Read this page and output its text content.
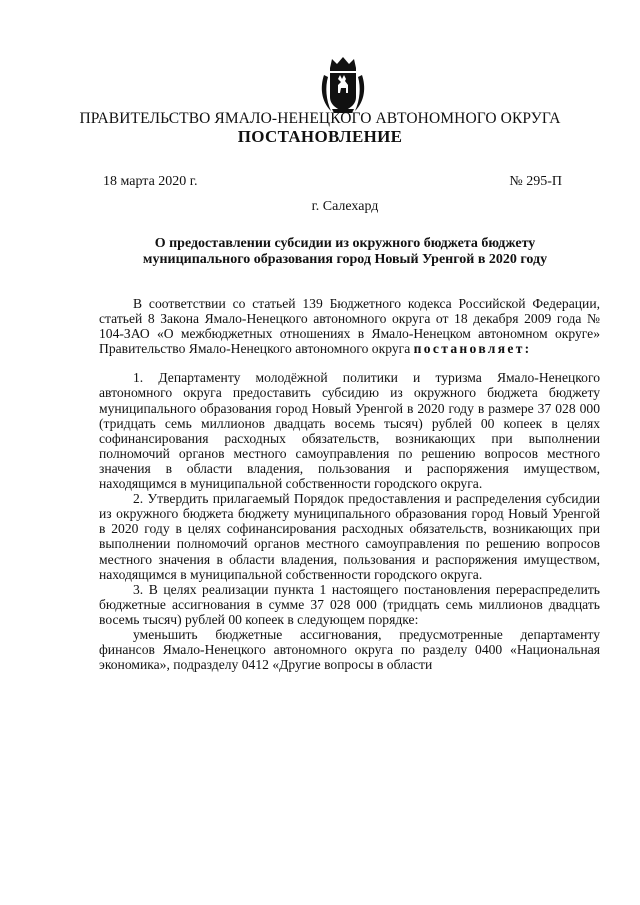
ПРАВИТЕЛЬСТВО ЯМАЛО-НЕНЕЦКОГО АВТОНОМНОГО ОКРУГА
ПОСТАНОВЛЕНИЕ
18 марта 2020 г.	№ 295-П
г. Салехард
О предоставлении субсидии из окружного бюджета бюджету муниципального образования город Новый Уренгой в 2020 году

В соответствии со статьей 139 Бюджетного кодекса Российской Федерации, статьей 8 Закона Ямало-Ненецкого автономного округа от 18 декабря 2009 года № 104-ЗАО «О межбюджетных отношениях в Ямало-Ненецком автономном округе» Правительство Ямало-Ненецкого автономного округа постановляет:

1. Департаменту молодёжной политики и туризма Ямало-Ненецкого автономного округа предоставить субсидию из окружного бюджета бюджету муниципального образования город Новый Уренгой в 2020 году в размере 37 028 000 (тридцать семь миллионов двадцать восемь тысяч) рублей 00 копеек в целях софинансирования расходных обязательств, возникающих при выполнении полномочий органов местного самоуправления по решению вопросов местного значения в области владения, пользования и распоряжения имуществом, находящимся в муниципальной собственности городского округа.

2. Утвердить прилагаемый Порядок предоставления и распределения субсидии из окружного бюджета бюджету муниципального образования город Новый Уренгой в 2020 году в целях софинансирования расходных обязательств, возникающих при выполнении полномочий органов местного самоуправления по решению вопросов местного значения в области владения, пользования и распоряжения имуществом, находящимся в муниципальной собственности городского округа.

3. В целях реализации пункта 1 настоящего постановления перераспределить бюджетные ассигнования в сумме 37 028 000 (тридцать семь миллионов двадцать восемь тысяч) рублей 00 копеек в следующем порядке:

уменьшить бюджетные ассигнования, предусмотренные департаменту финансов Ямало-Ненецкого автономного округа по разделу 0400 «Национальная экономика», подразделу 0412 «Другие вопросы в области
